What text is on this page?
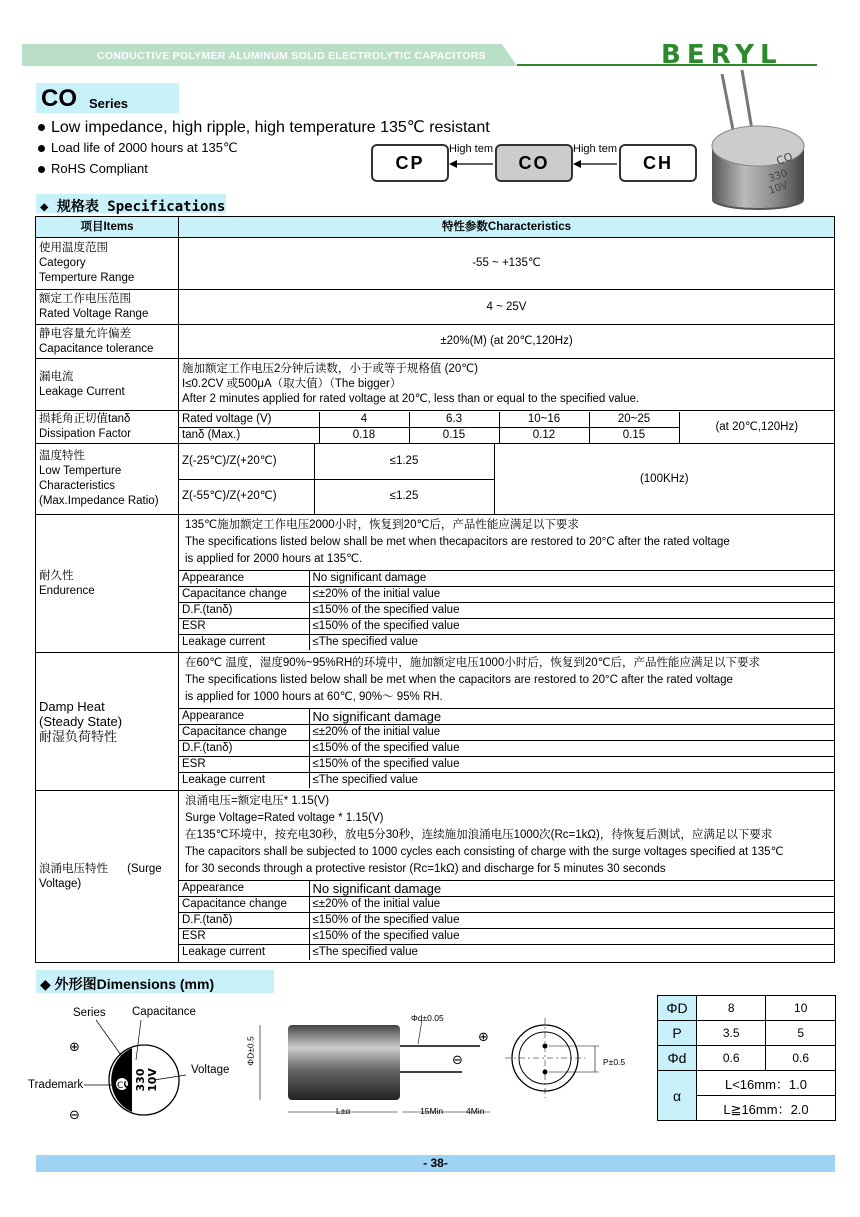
CONDUCTIVE POLYMER ALUMINUM SOLID ELECTROLYTIC CAPACITORS	BERYL
CO Series
Low impedance, high ripple, high temperature 135℃ resistant
Load life of 2000 hours at 135℃
RoHS Compliant	CP	CO	CH
High tem	High tem
CO
330
10V
◆ 规格表 Specifications
项目Items	特性参数Characteristics

使用温度范围
Category
Temperture Range
	-55 ~ +135℃

额定工作电压范围
Rated Voltage Range
	4 ~ 25V

静电容量允许偏差
Capacitance tolerance
	±20%(M) (at 20℃,120Hz)

漏电流
Leakage Current

施加额定工作电压2分钟后读数，小于或等于规格值 (20℃)
I≤0.2CV 或500μA（取大值）（The bigger）
After 2 minutes applied for rated voltage at 20℃, less than or equal to the specified value.

损耗角正切值tanδ
Dissipation Factor

Rated voltage (V)	4	6.3	10~16	20~25	(at 20℃,120Hz)
tanδ (Max.)	0.18	0.15	0.12	0.15

温度特性
Low Temperture
Characteristics
(Max.Impedance Ratio)

Z(-25℃)/Z(+20℃)	≤1.25	(100KHz)
Z(-55℃)/Z(+20℃)	≤1.25

耐久性
Endurence

135℃施加额定工作电压2000小时，恢复到20℃后，产品性能应满足以下要求
The specifications listed below shall be met when thecapacitors are restored to 20°C after the rated voltage
is applied for 2000 hours at 135℃.
Appearance	No significant damage
Capacitance change	≤±20% of the initial value
D.F.(tanδ)	≤150% of the specified value
ESR	≤150% of the specified value
Leakage current	≤The specified value

Damp Heat
(Steady State)
耐湿负荷特性

在60℃ 温度，湿度90%~95%RH的环境中，施加额定电压1000小时后，恢复到20℃后，产品性能应满足以下要求
The specifications listed below shall be met when the capacitors are restored to 20°C after the rated voltage
is applied for 1000 hours at 60℃, 90%～ 95% RH.
Appearance	No significant damage
Capacitance change	≤±20% of the initial value
D.F.(tanδ)	≤150% of the specified value
ESR	≤150% of the specified value
Leakage current	≤The specified value

浪涌电压特性 (Surge
Voltage)

浪涌电压=额定电压* 1.15(V)
Surge Voltage=Rated voltage * 1.15(V)
在135℃环境中，按充电30秒，放电5分30秒，连续施加浪涌电压1000次(Rc=1kΩ)，待恢复后测试，应满足以下要求
The capacitors shall be subjected to 1000 cycles each consisting of charge with the surge voltages specified at 135℃
for 30 seconds through a protective resistor (Rc=1kΩ) and discharge for 5 minutes 30 seconds
Appearance	No significant damage
Capacitance change	≤±20% of the initial value
D.F.(tanδ)	≤150% of the specified value
ESR	≤150% of the specified value
Leakage current	≤The specified value
◆ 外形图Dimensions (mm)
C
CO 330 10V
Series Capacitance
Voltage
Trademark
⊕
⊖
Φd±0.05
ΦD±0.5
L±α	15Min	4Min
⊕
⊖	P±0.5
ΦD	8	10
P	3.5	5
Φd	0.6	0.6
α	L<16mm：1.0	
	L≧16mm：2.0	
- 38-
